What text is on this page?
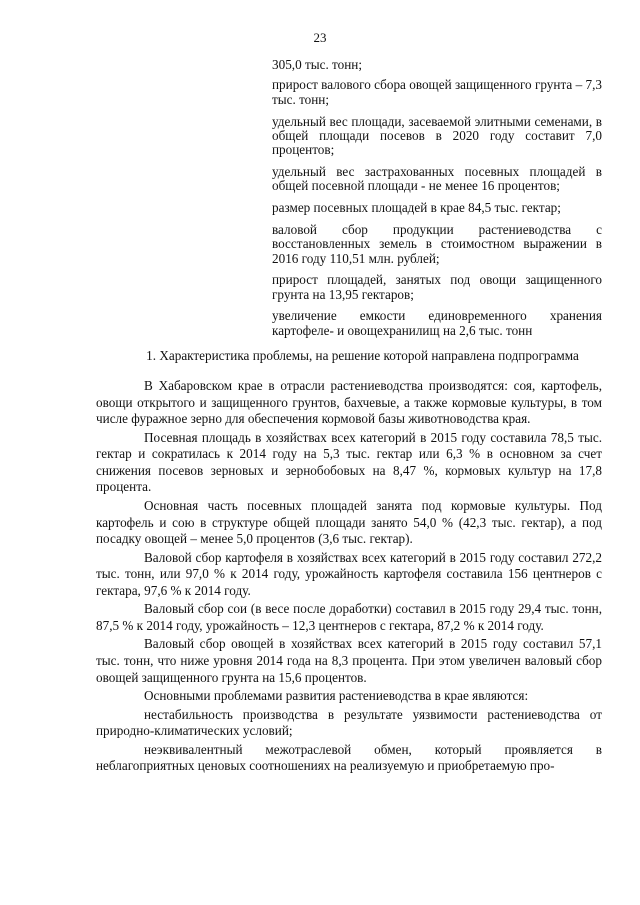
23

305,0 тыс. тонн;

прирост валового сбора овощей защищенного грунта – 7,3 тыс. тонн;

удельный вес площади, засеваемой элитными семенами, в общей площади посевов в 2020 году составит 7,0 процентов;

удельный вес застрахованных посевных площадей в общей посевной площади - не менее 16 процентов;

размер посевных площадей в крае 84,5 тыс. гектар;

валовой сбор продукции растениеводства с восстановленных земель в стоимостном выражении в 2016 году 110,51 млн. рублей;

прирост площадей, занятых под овощи защищенного грунта на 13,95 гектаров;

увеличение емкости единовременного хранения картофеле- и овощехранилищ на 2,6 тыс. тонн

1. Характеристика проблемы, на решение которой направлена подпрограмма

В Хабаровском крае в отрасли растениеводства производятся: соя, картофель, овощи открытого и защищенного грунтов, бахчевые, а также кормовые культуры, в том числе фуражное зерно для обеспечения кормовой базы животноводства края.

Посевная площадь в хозяйствах всех категорий в 2015 году составила 78,5 тыс. гектар и сократилась к 2014 году на 5,3 тыс. гектар или 6,3 % в основном за счет снижения посевов зерновых и зернобобовых на 8,47 %, кормовых культур на 17,8 процента.

Основная часть посевных площадей занята под кормовые культуры. Под картофель и сою в структуре общей площади занято 54,0 % (42,3 тыс. гектар), а под посадку овощей – менее 5,0 процентов (3,6 тыс. гектар).

Валовой сбор картофеля в хозяйствах всех категорий в 2015 году составил 272,2 тыс. тонн, или 97,0 % к 2014 году, урожайность картофеля составила 156 центнеров с гектара, 97,6 % к 2014 году.

Валовый сбор сои (в весе после доработки) составил в 2015 году 29,4 тыс. тонн, 87,5 % к 2014 году, урожайность – 12,3 центнеров с гектара, 87,2 % к 2014 году.

Валовый сбор овощей в хозяйствах всех категорий в 2015 году составил 57,1 тыс. тонн, что ниже уровня 2014 года на 8,3 процента. При этом увеличен валовый сбор овощей защищенного грунта на 15,6 процентов.

Основными проблемами развития растениеводства в крае являются:

нестабильность производства в результате уязвимости растениеводства от природно-климатических условий;

неэквивалентный межотраслевой обмен, который проявляется в неблагоприятных ценовых соотношениях на реализуемую и приобретаемую про-
